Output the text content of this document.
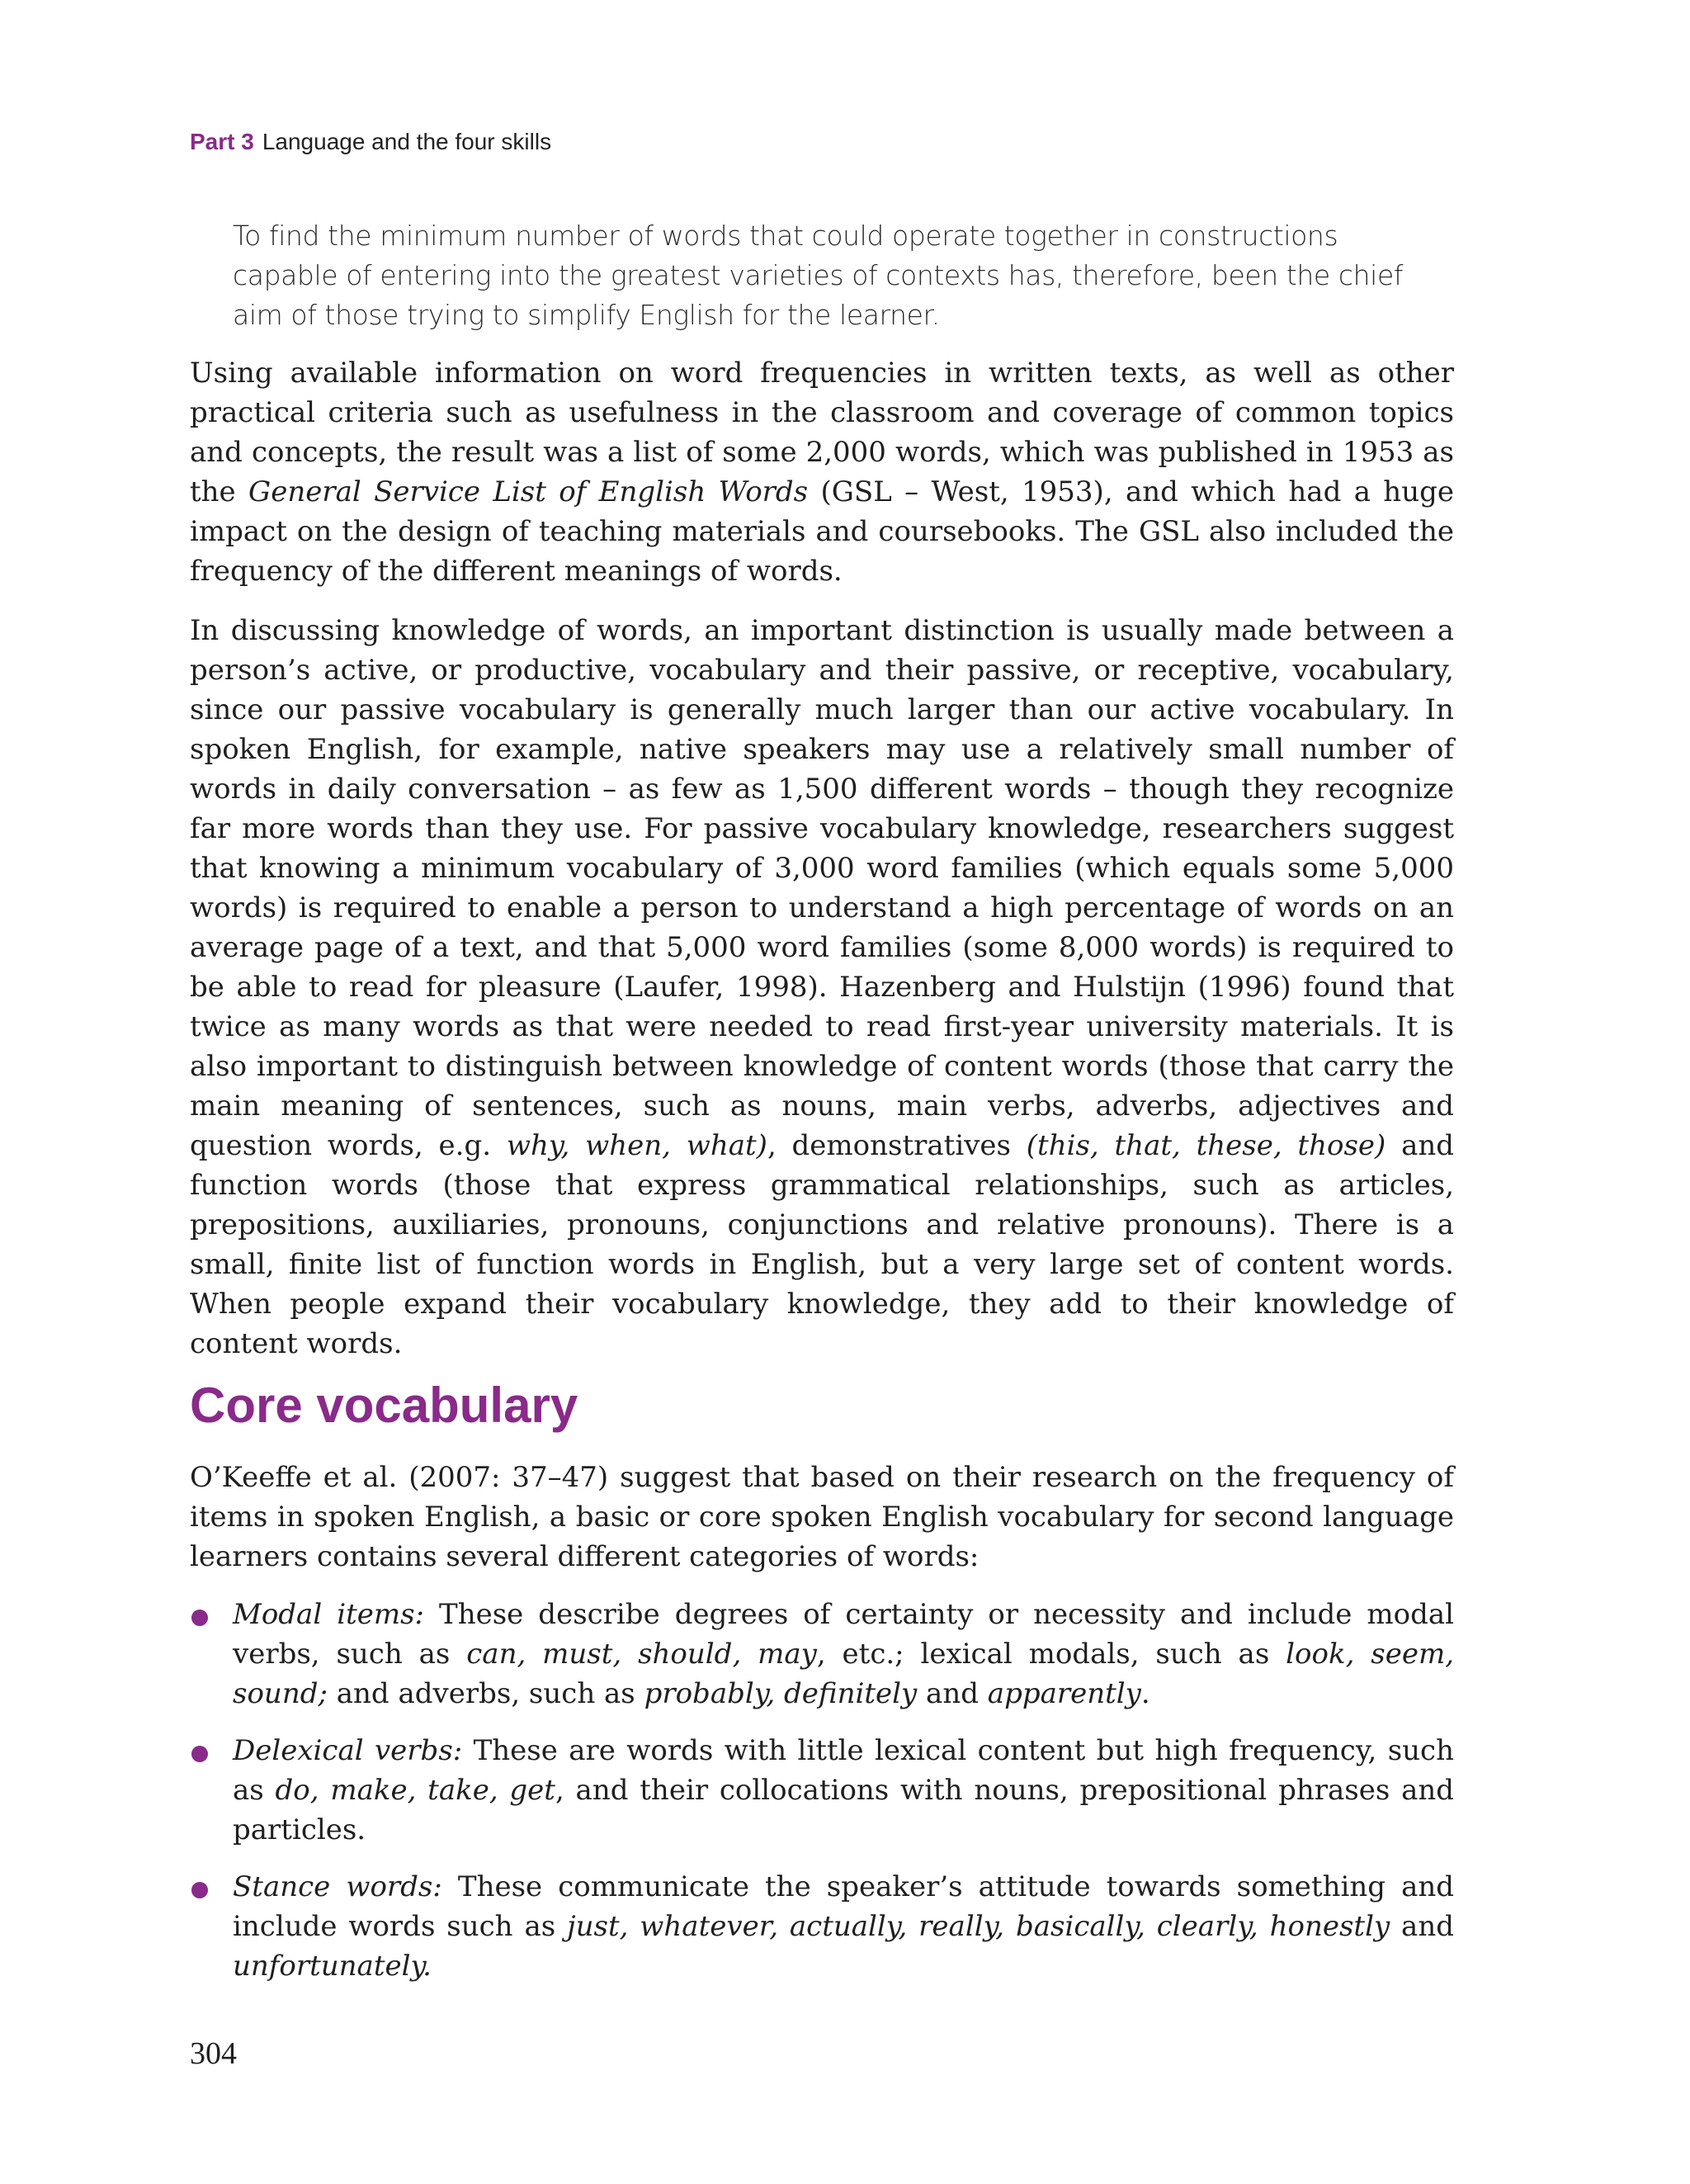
Part 3 Language and the four skills
To find the minimum number of words that could operate together in constructions capable of entering into the greatest varieties of contexts has, therefore, been the chief aim of those trying to simplify English for the learner.

Using available information on word frequencies in written texts, as well as other practical criteria such as usefulness in the classroom and coverage of common topics and concepts, the result was a list of some 2,000 words, which was published in 1953 as the General Service List of English Words (GSL – West, 1953), and which had a huge impact on the design of teaching materials and coursebooks. The GSL also included the frequency of the different meanings of words.

In discussing knowledge of words, an important distinction is usually made between a person’s active, or productive, vocabulary and their passive, or receptive, vocabulary, since our passive vocabulary is generally much larger than our active vocabulary. In spoken English, for example, native speakers may use a relatively small number of words in daily conversation – as few as 1,500 different words – though they recognize far more words than they use. For passive vocabulary knowledge, researchers suggest that knowing a minimum vocabulary of 3,000 word families (which equals some 5,000 words) is required to enable a person to understand a high percentage of words on an average page of a text, and that 5,000 word families (some 8,000 words) is required to be able to read for pleasure (Laufer, 1998). Hazenberg and Hulstijn (1996) found that twice as many words as that were needed to read first-year university materials. It is also important to distinguish between knowledge of content words (those that carry the main meaning of sentences, such as nouns, main verbs, adverbs, adjectives and question words, e.g. why, when, what), demonstratives (this, that, these, those) and function words (those that express grammatical relationships, such as articles, prepositions, auxiliaries, pronouns, conjunctions and relative pronouns). There is a small, finite list of function words in English, but a very large set of content words. When people expand their vocabulary knowledge, they add to their knowledge of content words.

Core vocabulary

O’Keeffe et al. (2007: 37–47) suggest that based on their research on the frequency of items in spoken English, a basic or core spoken English vocabulary for second language learners contains several different categories of words:

Modal items: These describe degrees of certainty or necessity and include modal verbs, such as can, must, should, may, etc.; lexical modals, such as look, seem, sound; and adverbs, such as probably, definitely and apparently.

Delexical verbs: These are words with little lexical content but high frequency, such as do, make, take, get, and their collocations with nouns, prepositional phrases and particles.

Stance words: These communicate the speaker’s attitude towards something and include words such as just, whatever, actually, really, basically, clearly, honestly and unfortunately.

304
